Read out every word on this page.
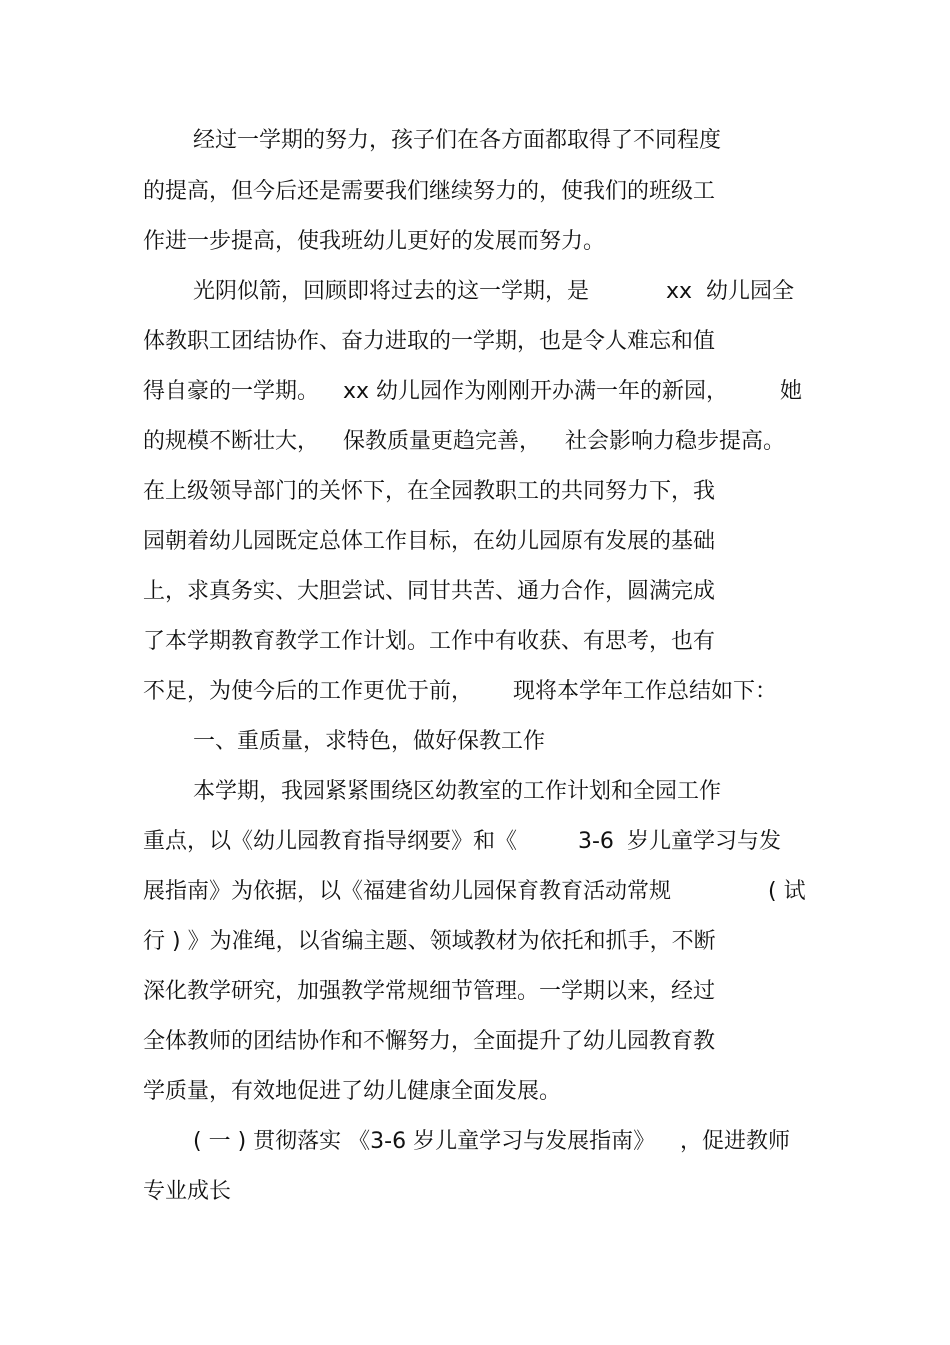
经过一学期的努力，孩子们在各方面都取得了不同程度
的提高，但今后还是需要我们继续努力的，使我们的班级工
作进一步提高，使我班幼儿更好的发展而努力。
光阴似箭，回顾即将过去的这一学期，是	xx 幼儿园全
体教职工团结协作、奋力进取的一学期，也是令人难忘和值
得自豪的一学期。 xx 幼儿园作为刚刚开办满一年的新园， 她
的规模不断壮大， 保教质量更趋完善， 社会影响力稳步提高。
在上级领导部门的关怀下，在全园教职工的共同努力下，我
园朝着幼儿园既定总体工作目标，在幼儿园原有发展的基础
上，求真务实、大胆尝试、同甘共苦、通力合作，圆满完成
了本学期教育教学工作计划。工作中有收获、有思考，也有
不足，为使今后的工作更优于前， 现将本学年工作总结如下：
一、重质量，求特色，做好保教工作
本学期，我园紧紧围绕区幼教室的工作计划和全园工作
重点，以《幼儿园教育指导纲要》和《	3-6 岁儿童学习与发
展指南》为依据，以《福建省幼儿园保育教育活动常规	( 试
行 ) 》为准绳，以省编主题、领域教材为依托和抓手，不断
深化教学研究，加强教学常规细节管理。一学期以来，经过
全体教师的团结协作和不懈努力，全面提升了幼儿园教育教
学质量，有效地促进了幼儿健康全面发展。
( 一 ) 贯彻落实 《3-6 岁儿童学习与发展指南》 ，促进教师
专业成长
